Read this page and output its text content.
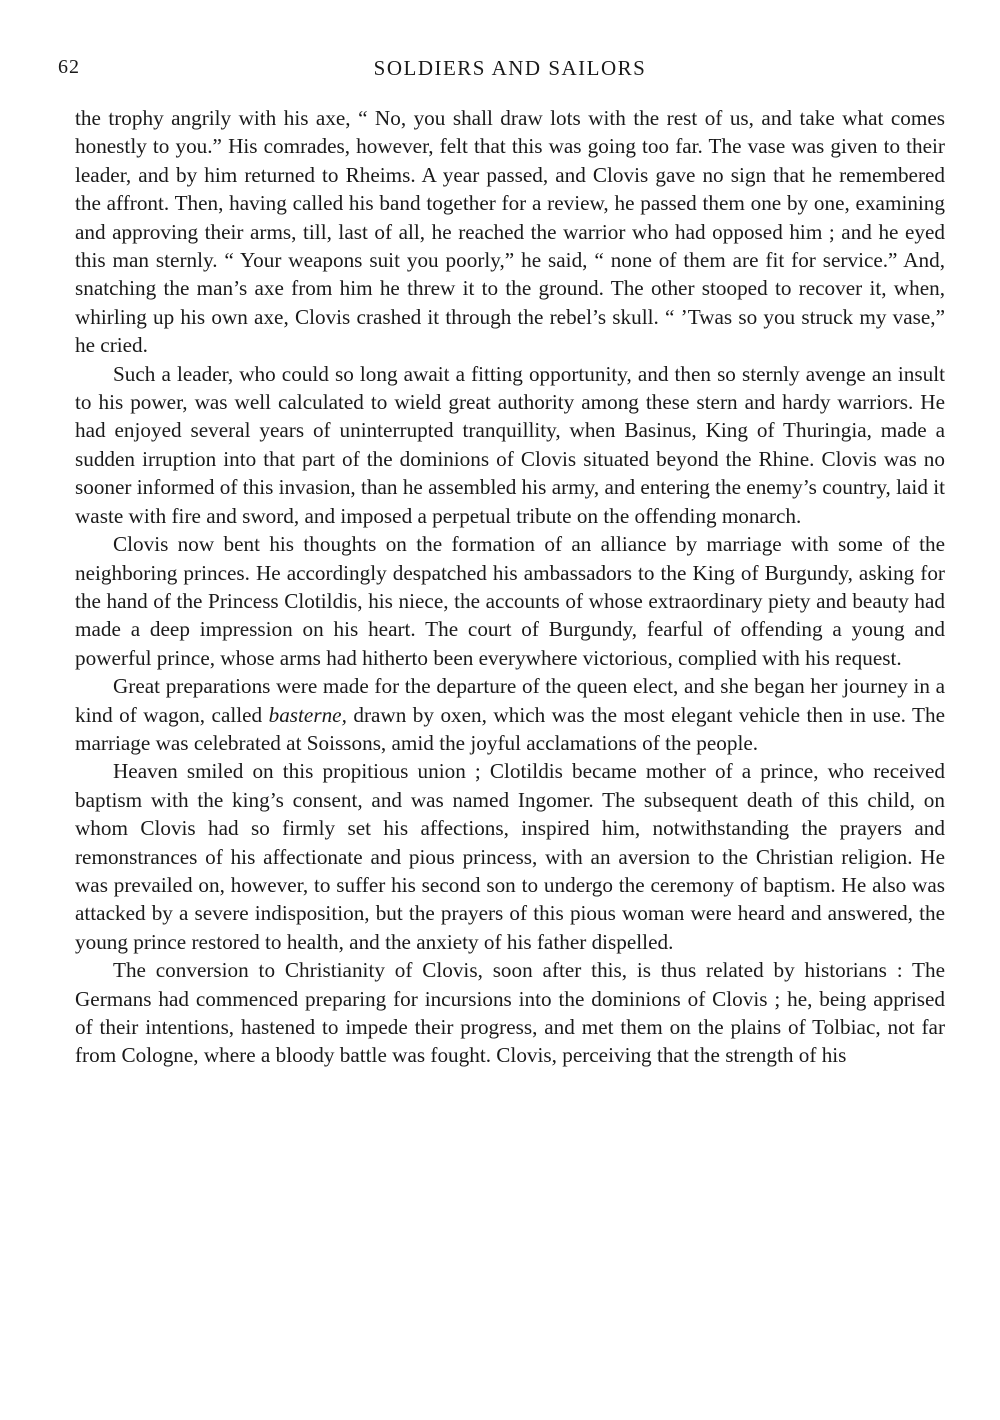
62	SOLDIERS AND SAILORS

the trophy angrily with his axe, “ No, you shall draw lots with the rest of us, and take what comes honestly to you.” His comrades, however, felt that this was going too far. The vase was given to their leader, and by him returned to Rheims. A year passed, and Clovis gave no sign that he remembered the affront. Then, having called his band together for a review, he passed them one by one, examining and approving their arms, till, last of all, he reached the warrior who had opposed him ; and he eyed this man sternly. “ Your weapons suit you poorly,” he said, “ none of them are fit for service.” And, snatching the man’s axe from him he threw it to the ground. The other stooped to recover it, when, whirling up his own axe, Clovis crashed it through the rebel’s skull. “ ’Twas so you struck my vase,” he cried.

Such a leader, who could so long await a fitting opportunity, and then so sternly avenge an insult to his power, was well calculated to wield great authority among these stern and hardy warriors. He had enjoyed several years of uninterrupted tranquillity, when Basinus, King of Thuringia, made a sudden irruption into that part of the dominions of Clovis situated beyond the Rhine. Clovis was no sooner informed of this invasion, than he assembled his army, and entering the enemy’s country, laid it waste with fire and sword, and imposed a perpetual tribute on the offending monarch.

Clovis now bent his thoughts on the formation of an alliance by marriage with some of the neighboring princes. He accordingly despatched his ambassadors to the King of Burgundy, asking for the hand of the Princess Clotildis, his niece, the accounts of whose extraordinary piety and beauty had made a deep impression on his heart. The court of Burgundy, fearful of offending a young and powerful prince, whose arms had hitherto been everywhere victorious, complied with his request.

Great preparations were made for the departure of the queen elect, and she began her journey in a kind of wagon, called basterne, drawn by oxen, which was the most elegant vehicle then in use. The marriage was celebrated at Soissons, amid the joyful acclamations of the people.

Heaven smiled on this propitious union ; Clotildis became mother of a prince, who received baptism with the king’s consent, and was named Ingomer. The subsequent death of this child, on whom Clovis had so firmly set his affections, inspired him, notwithstanding the prayers and remonstrances of his affectionate and pious princess, with an aversion to the Christian religion. He was prevailed on, however, to suffer his second son to undergo the ceremony of baptism. He also was attacked by a severe indisposition, but the prayers of this pious woman were heard and answered, the young prince restored to health, and the anxiety of his father dispelled.

The conversion to Christianity of Clovis, soon after this, is thus related by historians : The Germans had commenced preparing for incursions into the dominions of Clovis ; he, being apprised of their intentions, hastened to impede their progress, and met them on the plains of Tolbiac, not far from Cologne, where a bloody battle was fought. Clovis, perceiving that the strength of his
